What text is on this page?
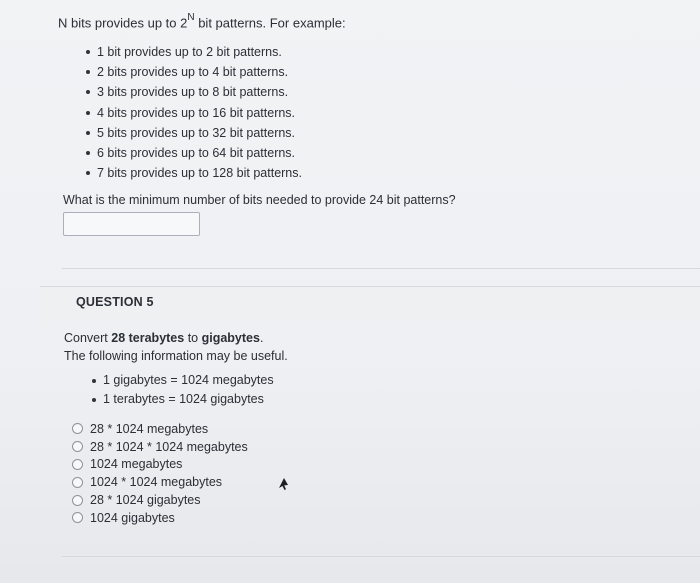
N bits provides up to $2^N$ bit patterns. For example:
1 bit provides up to 2 bit patterns.
2 bits provides up to 4 bit patterns.
3 bits provides up to 8 bit patterns.
4 bits provides up to 16 bit patterns.
5 bits provides up to 32 bit patterns.
6 bits provides up to 64 bit patterns.
7 bits provides up to 128 bit patterns.
What is the minimum number of bits needed to provide 24 bit patterns?
QUESTION 5
Convert 28 terabytes to gigabytes.
The following information may be useful.
1 gigabytes = 1024 megabytes
1 terabytes = 1024 gigabytes
28 * 1024 megabytes
28 * 1024 * 1024 megabytes
1024 megabytes
1024 * 1024 megabytes
28 * 1024 gigabytes
1024 gigabytes
